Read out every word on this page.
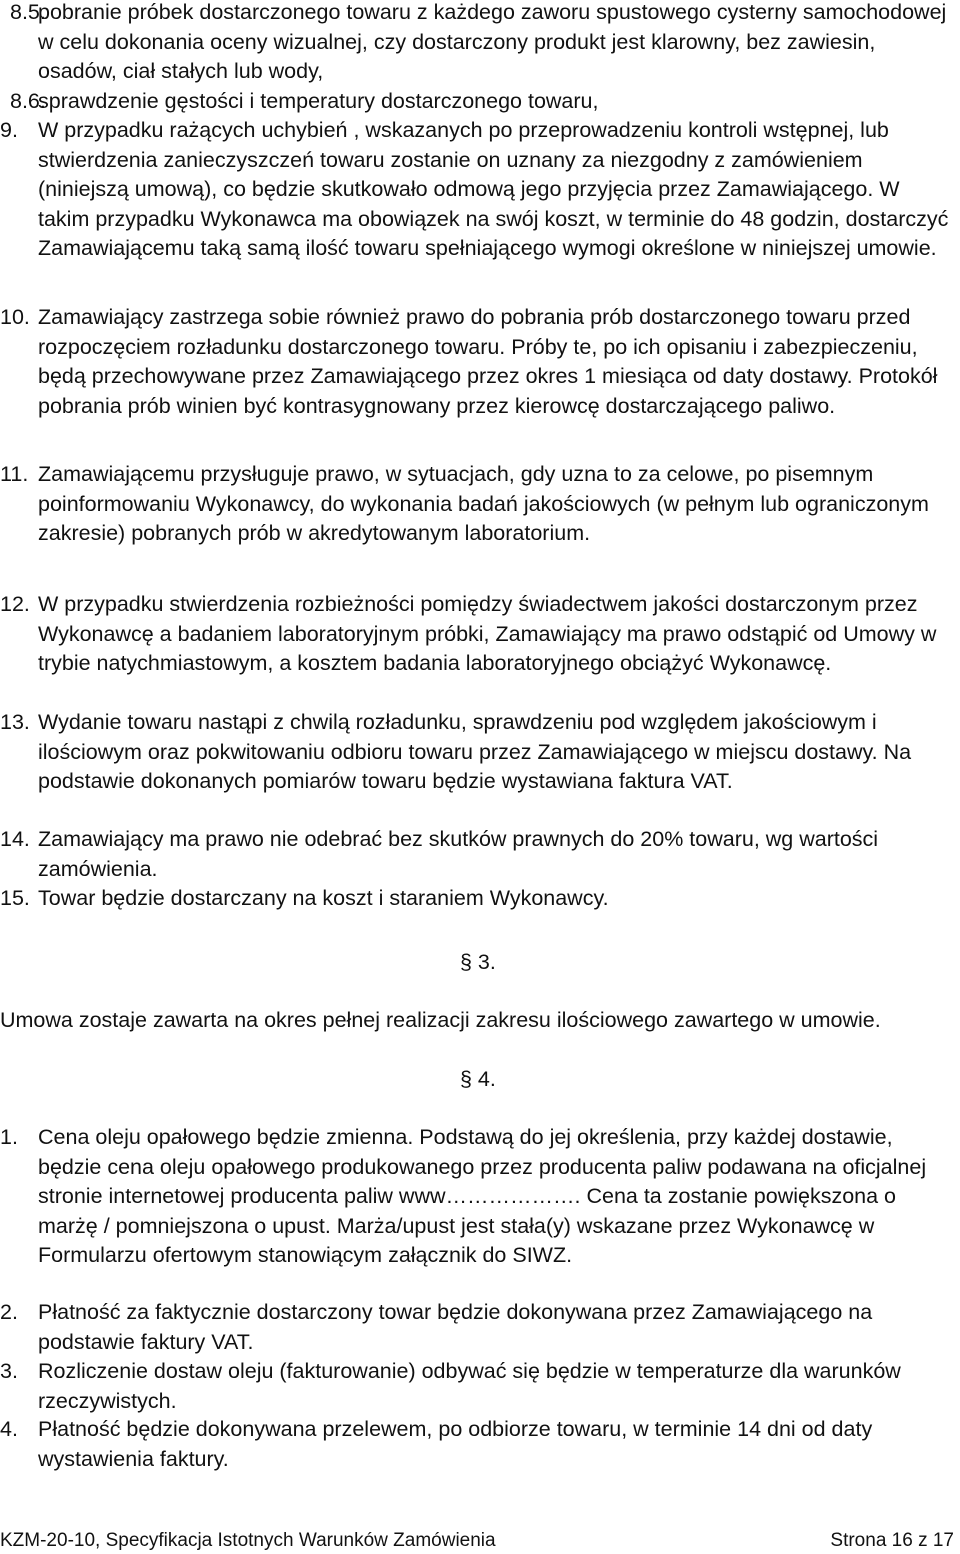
8.5.
pobranie próbek dostarczonego towaru z każdego zaworu spustowego cysterny samochodowej w celu dokonania oceny wizualnej, czy dostarczony produkt jest klarowny, bez zawiesin, osadów, ciał stałych lub wody,
8.6.
sprawdzenie gęstości i temperatury dostarczonego towaru,
9. W przypadku rażących uchybień , wskazanych po przeprowadzeniu kontroli wstępnej, lub stwierdzenia zanieczyszczeń towaru zostanie on uznany za niezgodny z zamówieniem (niniejszą umową), co będzie skutkowało odmową jego przyjęcia przez Zamawiającego. W takim przypadku Wykonawca ma obowiązek na swój koszt, w terminie do 48 godzin, dostarczyć Zamawiającemu taką samą ilość towaru spełniającego wymogi określone w niniejszej umowie.
10. Zamawiający zastrzega sobie również prawo do pobrania prób dostarczonego towaru przed rozpoczęciem rozładunku dostarczonego towaru. Próby te, po ich opisaniu i zabezpieczeniu, będą przechowywane przez Zamawiającego przez okres 1 miesiąca od daty dostawy. Protokół pobrania prób winien być kontrasygnowany przez kierowcę dostarczającego paliwo.
11. Zamawiającemu przysługuje prawo, w sytuacjach, gdy uzna to za celowe, po pisemnym poinformowaniu Wykonawcy, do wykonania badań jakościowych (w pełnym lub ograniczonym zakresie) pobranych prób w akredytowanym laboratorium.
12. W przypadku stwierdzenia rozbieżności pomiędzy świadectwem jakości dostarczonym przez Wykonawcę a badaniem laboratoryjnym próbki, Zamawiający ma prawo odstąpić od Umowy w trybie natychmiastowym, a kosztem badania laboratoryjnego obciążyć Wykonawcę.
13. Wydanie towaru nastąpi z chwilą rozładunku, sprawdzeniu pod względem jakościowym i ilościowym oraz pokwitowaniu odbioru towaru przez Zamawiającego w miejscu dostawy. Na podstawie dokonanych pomiarów towaru będzie wystawiana faktura VAT.
14. Zamawiający ma prawo nie odebrać bez skutków prawnych do 20% towaru, wg wartości zamówienia.
15. Towar będzie dostarczany na koszt i staraniem Wykonawcy.
§ 3.
Umowa zostaje zawarta na okres pełnej realizacji zakresu ilościowego zawartego w umowie.
§ 4.
1. Cena oleju opałowego będzie zmienna. Podstawą do jej określenia, przy każdej dostawie, będzie cena oleju opałowego produkowanego przez producenta paliw podawana na oficjalnej stronie internetowej producenta paliw www………………. Cena ta zostanie powiększona o marżę / pomniejszona o upust. Marża/upust jest stała(y) wskazane przez Wykonawcę w Formularzu ofertowym stanowiącym załącznik do SIWZ.
2. Płatność za faktycznie dostarczony towar będzie dokonywana przez Zamawiającego na podstawie faktury VAT.
3. Rozliczenie dostaw oleju (fakturowanie) odbywać się będzie w temperaturze dla warunków rzeczywistych.
4. Płatność będzie dokonywana przelewem, po odbiorze towaru, w terminie 14 dni od daty wystawienia faktury.
KZM-20-10, Specyfikacja Istotnych Warunków Zamówienia	Strona 16 z 17
